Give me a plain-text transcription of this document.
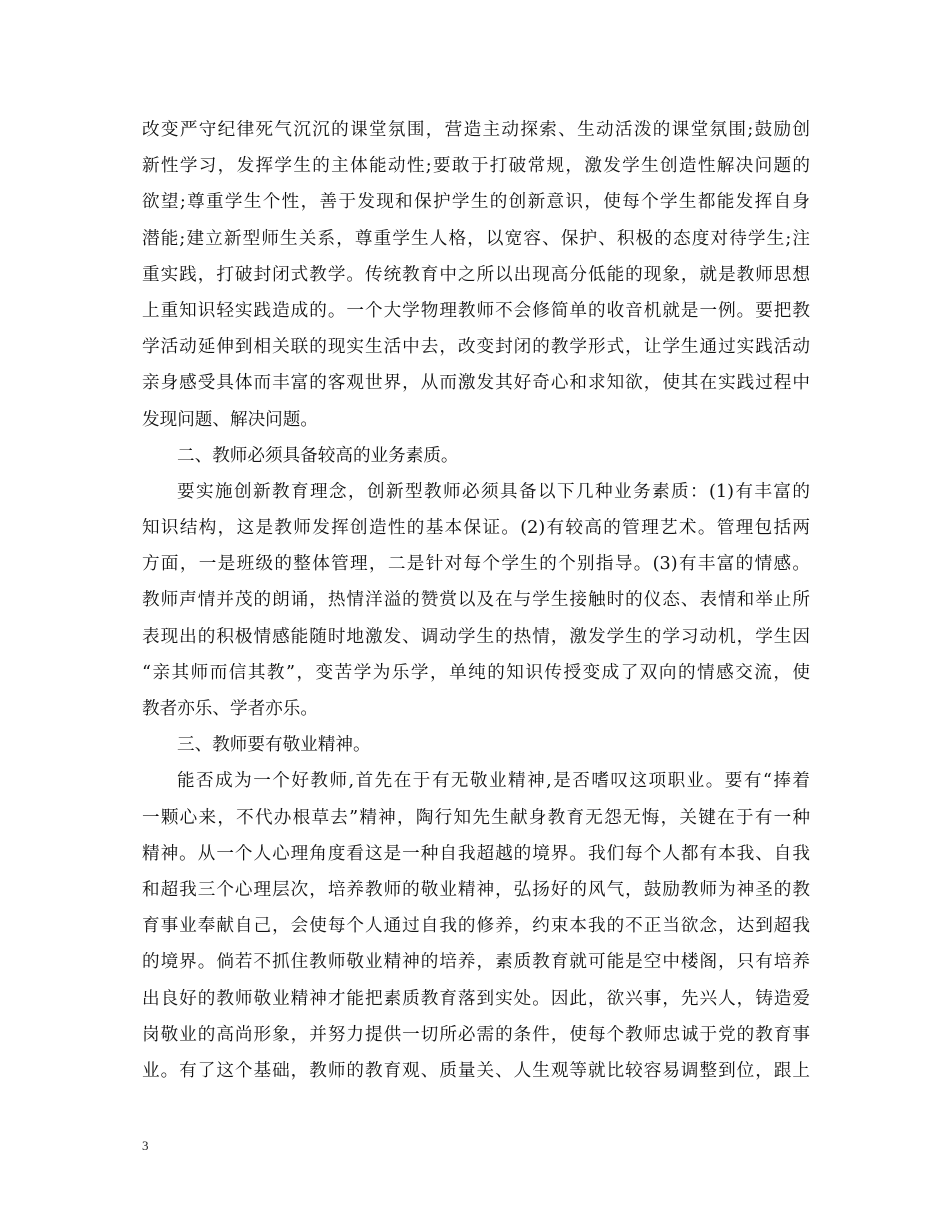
改变严守纪律死气沉沉的课堂氛围，营造主动探索、生动活泼的课堂氛围;鼓励创
新性学习，发挥学生的主体能动性;要敢于打破常规，激发学生创造性解决问题的
欲望;尊重学生个性，善于发现和保护学生的创新意识，使每个学生都能发挥自身
潜能;建立新型师生关系，尊重学生人格，以宽容、保护、积极的态度对待学生;注
重实践，打破封闭式教学。传统教育中之所以出现高分低能的现象，就是教师思想
上重知识轻实践造成的。一个大学物理教师不会修简单的收音机就是一例。要把教
学活动延伸到相关联的现实生活中去，改变封闭的教学形式，让学生通过实践活动
亲身感受具体而丰富的客观世界，从而激发其好奇心和求知欲，使其在实践过程中
发现问题、解决问题。
二、教师必须具备较高的业务素质。
要实施创新教育理念，创新型教师必须具备以下几种业务素质：(1)有丰富的
知识结构，这是教师发挥创造性的基本保证。(2)有较高的管理艺术。管理包括两
方面，一是班级的整体管理，二是针对每个学生的个别指导。(3)有丰富的情感。
教师声情并茂的朗诵，热情洋溢的赞赏以及在与学生接触时的仪态、表情和举止所
表现出的积极情感能随时地激发、调动学生的热情，激发学生的学习动机，学生因
“亲其师而信其教”，变苦学为乐学，单纯的知识传授变成了双向的情感交流，使
教者亦乐、学者亦乐。
三、教师要有敬业精神。
能否成为一个好教师,首先在于有无敬业精神,是否嗜叹这项职业。要有“捧着
一颗心来，不代办根草去”精神，陶行知先生献身教育无怨无悔，关键在于有一种
精神。从一个人心理角度看这是一种自我超越的境界。我们每个人都有本我、自我
和超我三个心理层次，培养教师的敬业精神，弘扬好的风气，鼓励教师为神圣的教
育事业奉献自己，会使每个人通过自我的修养，约束本我的不正当欲念，达到超我
的境界。倘若不抓住教师敬业精神的培养，素质教育就可能是空中楼阁，只有培养
出良好的教师敬业精神才能把素质教育落到实处。因此，欲兴事，先兴人，铸造爱
岗敬业的高尚形象，并努力提供一切所必需的条件，使每个教师忠诚于党的教育事
业。有了这个基础，教师的教育观、质量关、人生观等就比较容易调整到位，跟上
3
